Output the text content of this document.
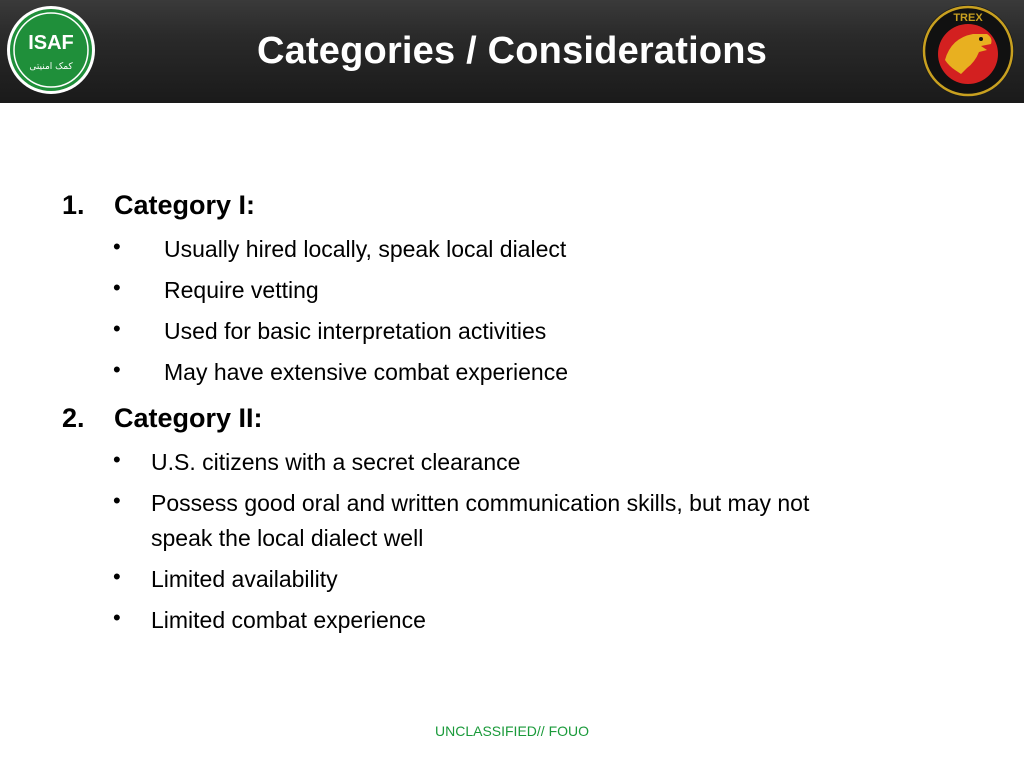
ISAF
کمک امنیتی	Categories / Considerations
TREX
1. Category I:
• Usually hired locally, speak local dialect
• Require vetting
• Used for basic interpretation activities
• May have extensive combat experience
2. Category II:
• U.S. citizens with a secret clearance
• Possess good oral and written communication skills, but may not
speak the local dialect well
• Limited availability
• Limited combat experience
UNCLASSIFIED// FOUO
